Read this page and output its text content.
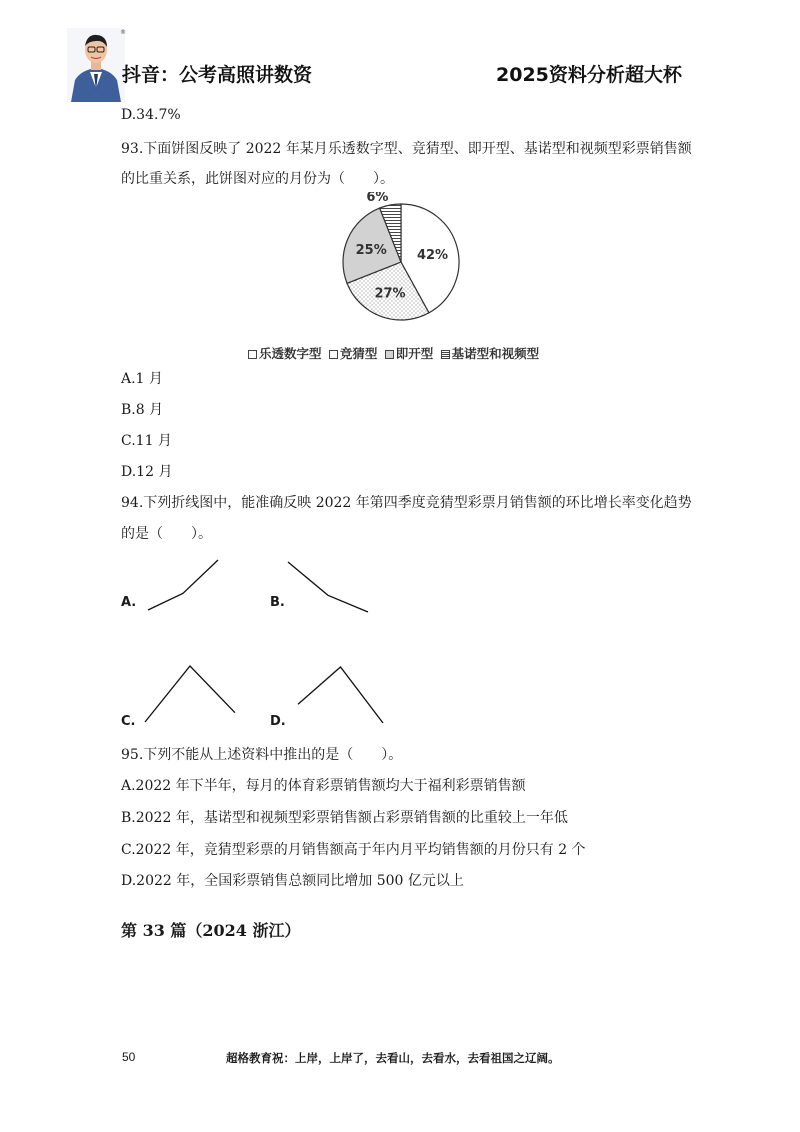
®
抖音：公考高照讲数资	2025资料分析超大杯
D.34.7%
93.下面饼图反映了 2022 年某月乐透数字型、竞猜型、即开型、基诺型和视频型彩票销售额
的比重关系，此饼图对应的月份为（　　）。
42%
27%
25%
6%
乐透数字型 竞猜型 即开型 基诺型和视频型
A.1 月
B.8 月
C.11 月
D.12 月
94.下列折线图中，能准确反映 2022 年第四季度竞猜型彩票月销售额的环比增长率变化趋势
的是（　　）。
A.	B.
C.	D.
95.下列不能从上述资料中推出的是（　　）。
A.2022 年下半年，每月的体育彩票销售额均大于福利彩票销售额
B.2022 年，基诺型和视频型彩票销售额占彩票销售额的比重较上一年低
C.2022 年，竞猜型彩票的月销售额高于年内月平均销售额的月份只有 2 个
D.2022 年，全国彩票销售总额同比增加 500 亿元以上
第 33 篇（2024 浙江）
50	超格教育祝：上岸，上岸了，去看山，去看水，去看祖国之辽阔。
